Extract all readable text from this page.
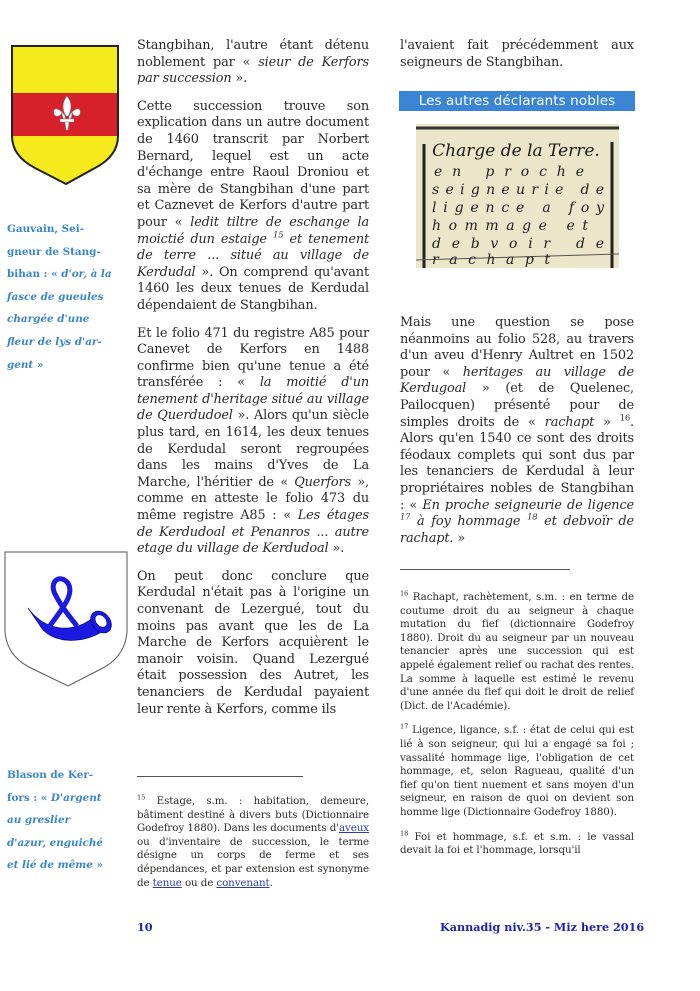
Gauvain, Sei-
gneur de Stang-
bihan : « d'or, à la
fasce de gueules
chargée d'une
fleur de lys d'ar-
gent »
Blason de Ker-
fors : « D'argent
au greslier
d'azur, enguiché
et lié de même »

Stangbihan, l'autre étant détenu noblement par « sieur de Kerfors par succession ».

Cette succession trouve son explication dans un autre document de 1460 transcrit par Norbert Bernard, lequel est un acte d'échange entre Raoul Droniou et sa mère de Stangbihan d'une part et Caznevet de Kerfors d'autre part pour « ledit tiltre de eschange la moictié dun estaige $^{15}$ et tenement de terre ... situé au village de Kerdudal ». On comprend qu'avant 1460 les deux tenues de Kerdudal dépendaient de Stangbihan.

Et le folio 471 du registre A85 pour Canevet de Kerfors en 1488 confirme bien qu'une tenue a été transférée : « la moitié d'un tenement d'heritage situé au village de Querdudoel ». Alors qu'un siècle plus tard, en 1614, les deux tenues de Kerdudal seront regroupées dans les mains d'Yves de La Marche, l'héritier de « Querfors », comme en atteste le folio 473 du même registre A85 : « Les étages de Kerdudoal et Penanros ... autre etage du village de Kerdudoal ».

On peut donc conclure que Kerdudal n'était pas à l'origine un convenant de Lezergué, tout du moins pas avant que les de La Marche de Kerfors acquièrent le manoir voisin. Quand Lezergué était possession des Autret, les tenanciers de Kerdudal payaient leur rente à Kerfors, comme ils

$^{15}$ Estage, s.m. : habitation, demeure, bâtiment destiné à divers buts (Dictionnaire Godefroy 1880). Dans les documents d'aveux ou d'inventaire de succession, le terme désigne un corps de ferme et ses dépendances, et par extension est synonyme de tenue ou de convenant.

l'avaient fait précédemment aux seigneurs de Stangbihan.

Les autres déclarants nobles
Charge de la Terre.
en proche
seigneurie de
ligence a foy
hommage et
debvoir de
rachapt

Mais une question se pose néanmoins au folio 528, au travers d'un aveu d'Henry Aultret en 1502 pour « heritages au village de Kerdugoal » (et de Quelenec, Pailocquen) présenté pour de simples droits de « rachapt » $^{16}$. Alors qu'en 1540 ce sont des droits féodaux complets qui sont dus par les tenanciers de Kerdudal à leur propriétaires nobles de Stangbihan : « En proche seigneurie de ligence $^{17}$ à foy hommage $^{18}$ et debvoïr de rachapt. »

$^{16}$ Rachapt, rachètement, s.m. : en terme de coutume droit du au seigneur à chaque mutation du fief (dictionnaire Godefroy 1880). Droit du au seigneur par un nouveau tenancier après une succession qui est appelé également relief ou rachat des rentes. La somme à laquelle est estimé le revenu d'une année du fief qui doit le droit de relief (Dict. de l'Académie).

$^{17}$ Ligence, ligance, s.f. : état de celui qui est lié à son seigneur, qui lui a engagé sa foi ; vassalité hommage lige, l'obligation de cet hommage, et, selon Ragueau, qualité d'un fief qu'on tient nuement et sans moyen d'un seigneur, en raison de quoi on devient son homme lige (Dictionnaire Godefroy 1880).

$^{18}$ Foi et hommage, s.f. et s.m. : le vassal devait la foi et l'hommage, lorsqu'il

10	Kannadig niv.35 - Miz here 2016
